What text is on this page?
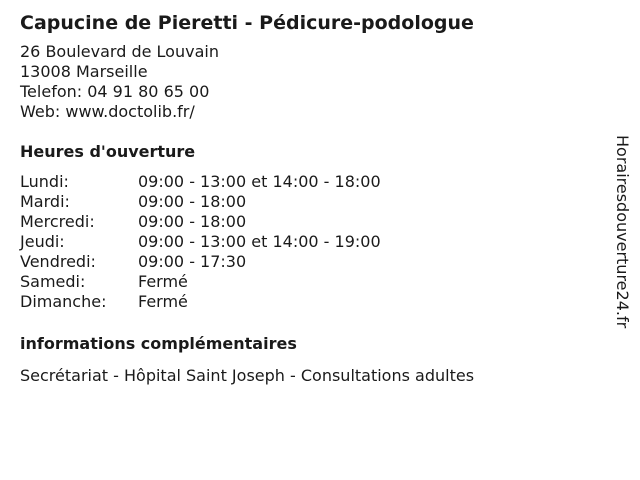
Capucine de Pieretti - Pédicure-podologue
26 Boulevard de Louvain
13008 Marseille
Telefon: 04 91 80 65 00
Web: www.doctolib.fr/
Heures d'ouverture
Lundi:	09:00 - 13:00 et 14:00 - 18:00
Mardi:	09:00 - 18:00
Mercredi:	09:00 - 18:00
Jeudi:	09:00 - 13:00 et 14:00 - 19:00
Vendredi:	09:00 - 17:30
Samedi:	Fermé
Dimanche:	Fermé
informations complémentaires
Secrétariat - Hôpital Saint Joseph - Consultations adultes
Horairesdouverture24.fr
